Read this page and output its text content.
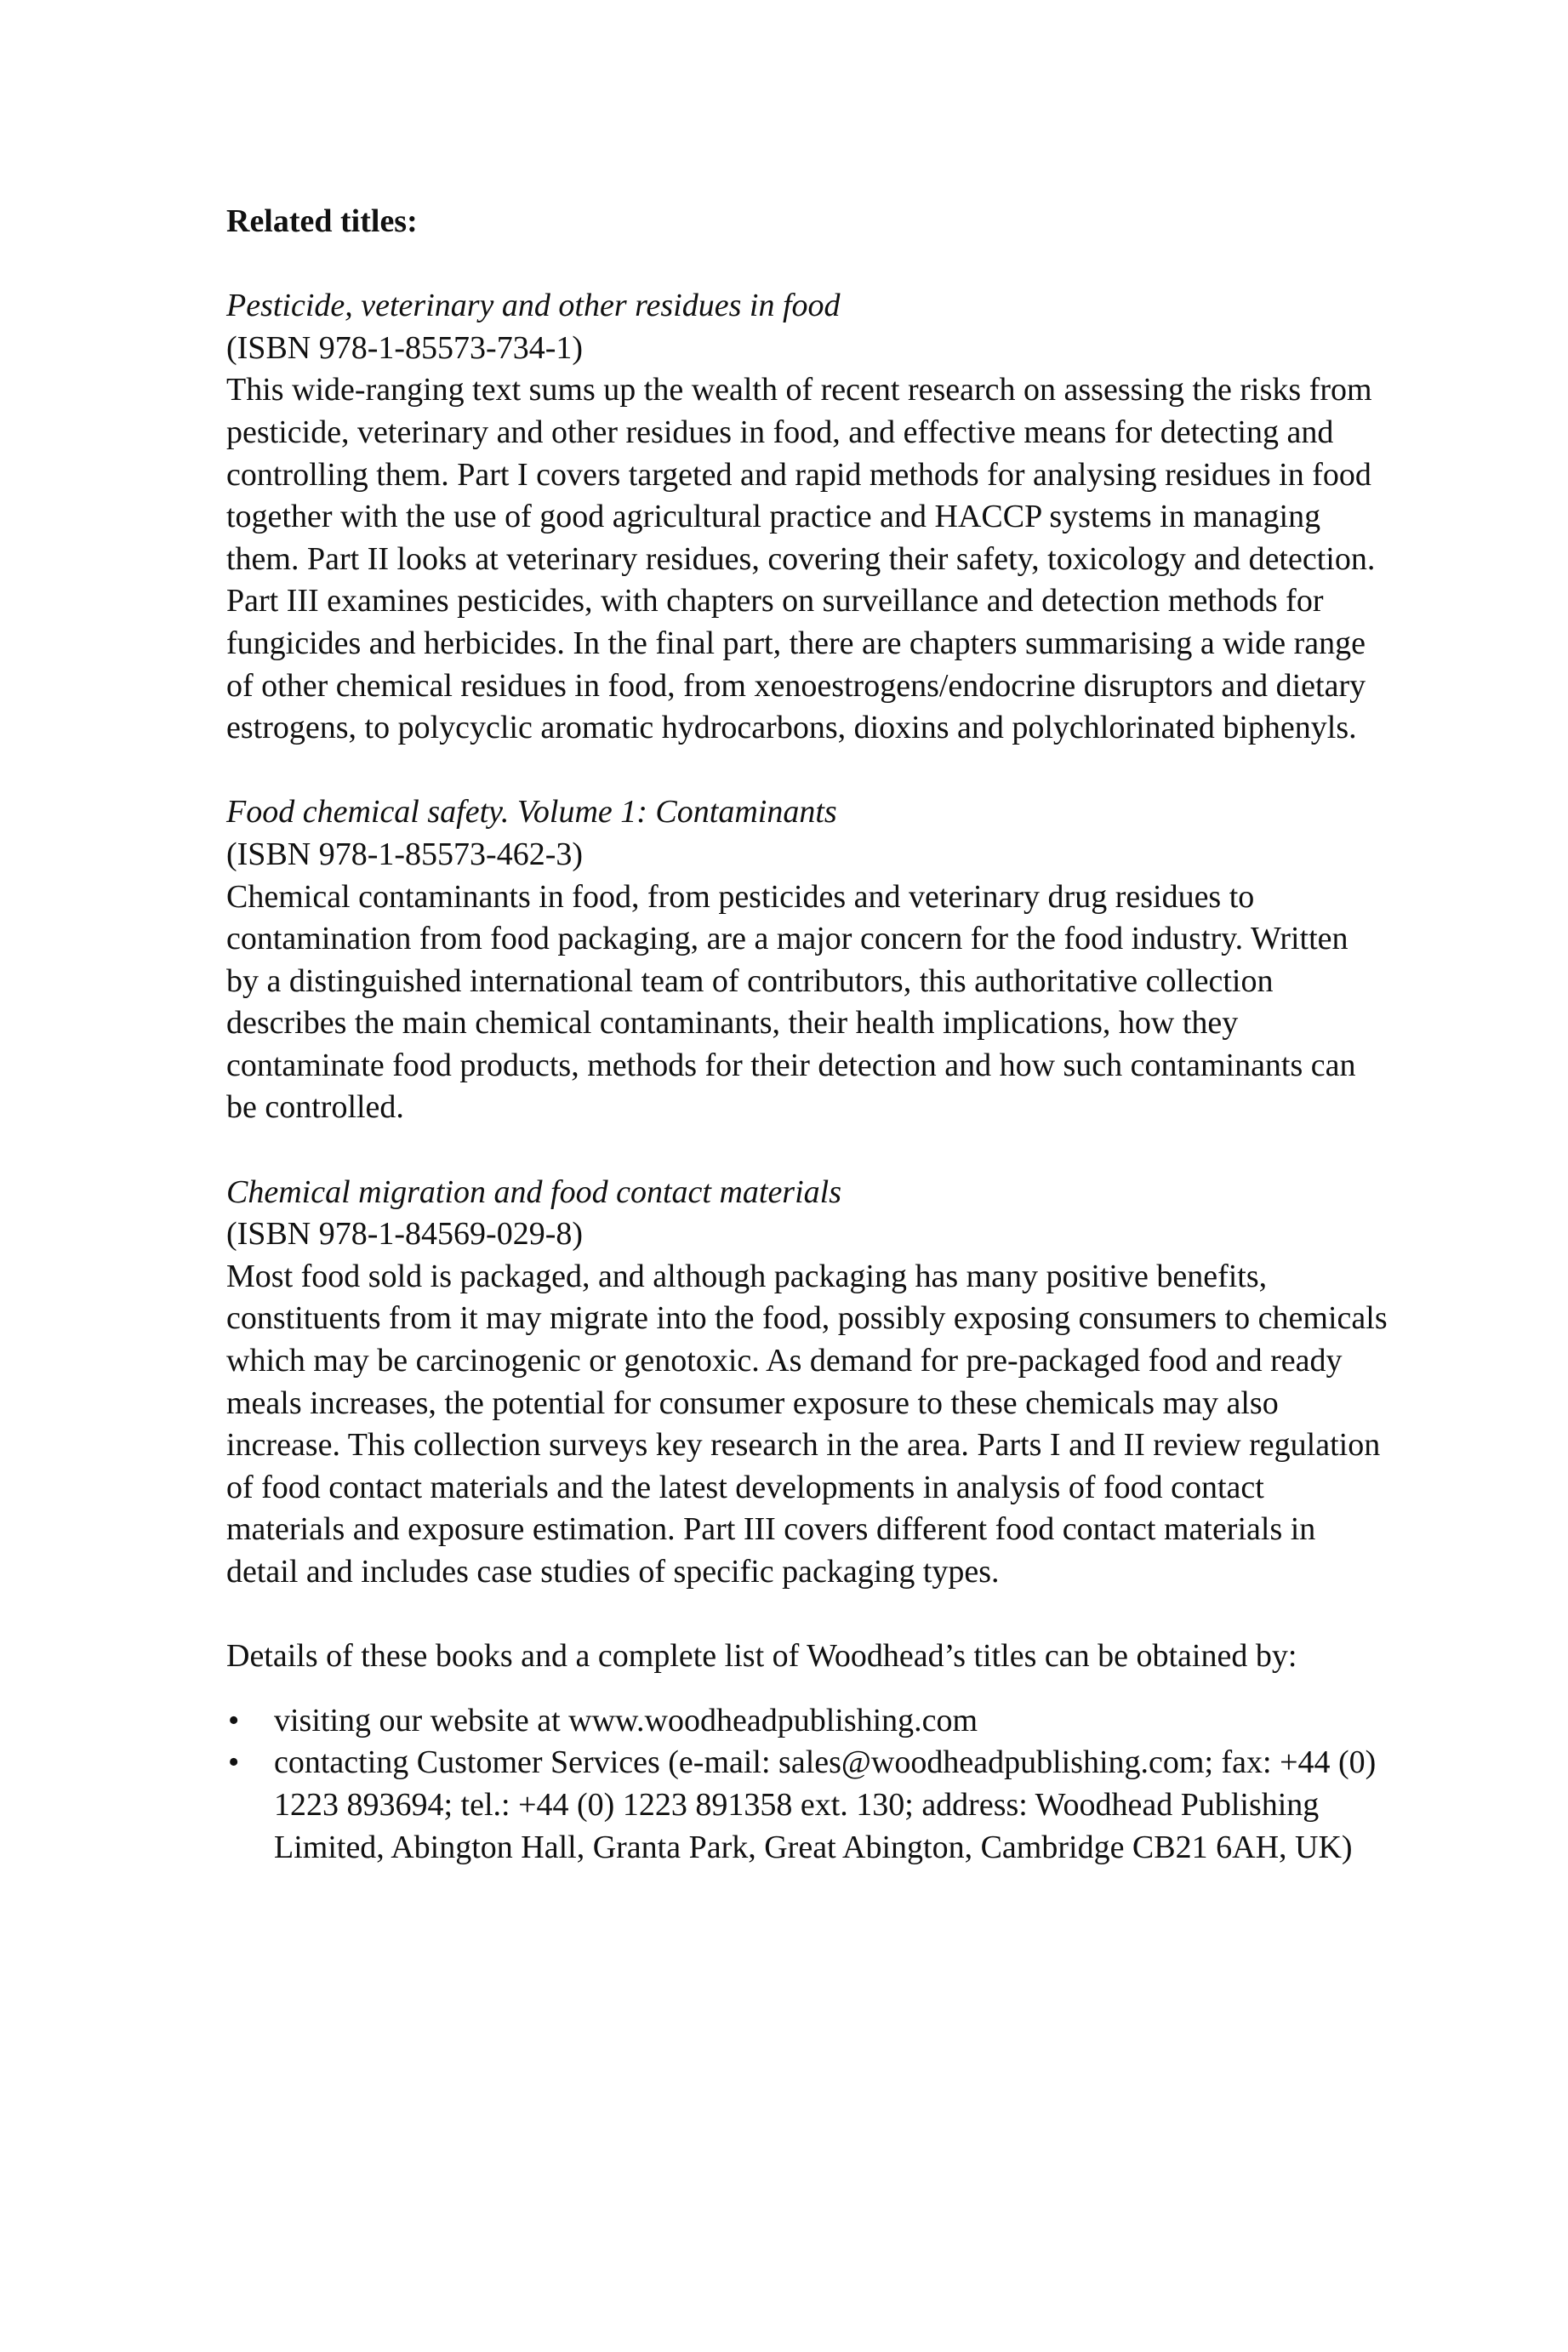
Related titles:
Pesticide, veterinary and other residues in food
(ISBN 978-1-85573-734-1)
This wide-ranging text sums up the wealth of recent research on assessing the risks from pesticide, veterinary and other residues in food, and effective means for detecting and controlling them. Part I covers targeted and rapid methods for analysing residues in food together with the use of good agricultural practice and HACCP systems in managing them. Part II looks at veterinary residues, covering their safety, toxicology and detection. Part III examines pesticides, with chapters on surveillance and detection methods for fungicides and herbicides. In the final part, there are chapters summarising a wide range of other chemical residues in food, from xenoestrogens/endocrine disruptors and dietary estrogens, to polycyclic aromatic hydrocarbons, dioxins and polychlorinated biphenyls.
Food chemical safety. Volume 1: Contaminants
(ISBN 978-1-85573-462-3)
Chemical contaminants in food, from pesticides and veterinary drug residues to contamination from food packaging, are a major concern for the food industry. Written by a distinguished international team of contributors, this authoritative collection describes the main chemical contaminants, their health implications, how they contaminate food products, methods for their detection and how such contaminants can be controlled.
Chemical migration and food contact materials
(ISBN 978-1-84569-029-8)
Most food sold is packaged, and although packaging has many positive benefits, constituents from it may migrate into the food, possibly exposing consumers to chemicals which may be carcinogenic or genotoxic. As demand for pre-packaged food and ready meals increases, the potential for consumer exposure to these chemicals may also increase. This collection surveys key research in the area. Parts I and II review regulation of food contact materials and the latest developments in analysis of food contact materials and exposure estimation. Part III covers different food contact materials in detail and includes case studies of specific packaging types.
Details of these books and a complete list of Woodhead’s titles can be obtained by:
• visiting our website at www.woodheadpublishing.com
• contacting Customer Services (e-mail: sales@woodheadpublishing.com; fax: +44 (0) 1223 893694; tel.: +44 (0) 1223 891358 ext. 130; address: Woodhead Publishing Limited, Abington Hall, Granta Park, Great Abington, Cambridge CB21 6AH, UK)
